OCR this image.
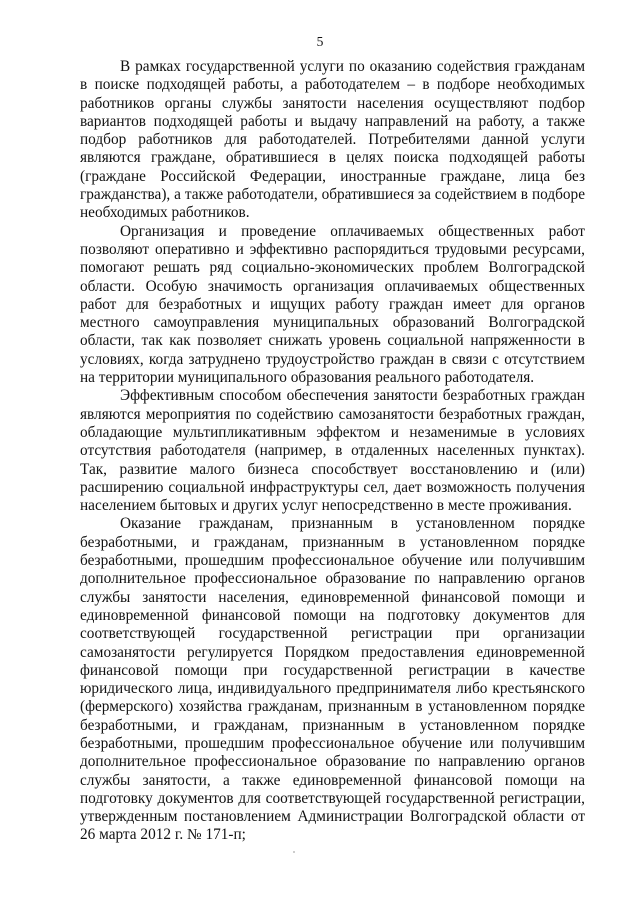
5

В рамках государственной услуги по оказанию содействия гражданам в поиске подходящей работы, а работодателем – в подборе необходимых работников органы службы занятости населения осуществляют подбор вариантов подходящей работы и выдачу направлений на работу, а также подбор работников для работодателей. Потребителями данной услуги являются граждане, обратившиеся в целях поиска подходящей работы (граждане Российской Федерации, иностранные граждане, лица без гражданства), а также работодатели, обратившиеся за содействием в подборе необходимых работников.

Организация и проведение оплачиваемых общественных работ позволяют оперативно и эффективно распорядиться трудовыми ресурсами, помогают решать ряд социально-экономических проблем Волгоградской области. Особую значимость организация оплачиваемых общественных работ для безработных и ищущих работу граждан имеет для органов местного самоуправления муниципальных образований Волгоградской области, так как позволяет снижать уровень социальной напряженности в условиях, когда затруднено трудоустройство граждан в связи с отсутствием на территории муниципального образования реального работодателя.

Эффективным способом обеспечения занятости безработных граждан являются мероприятия по содействию самозанятости безработных граждан, обладающие мультипликативным эффектом и незаменимые в условиях отсутствия работодателя (например, в отдаленных населенных пунктах). Так, развитие малого бизнеса способствует восстановлению и (или) расширению социальной инфраструктуры сел, дает возможность получения населением бытовых и других услуг непосредственно в месте проживания.

Оказание гражданам, признанным в установленном порядке безработными, и гражданам, признанным в установленном порядке безработными, прошедшим профессиональное обучение или получившим дополнительное профессиональное образование по направлению органов службы занятости населения, единовременной финансовой помощи и единовременной финансовой помощи на подготовку документов для соответствующей государственной регистрации при организации самозанятости регулируется Порядком предоставления единовременной финансовой помощи при государственной регистрации в качестве юридического лица, индивидуального предпринимателя либо крестьянского (фермерского) хозяйства гражданам, признанным в установленном порядке безработными, и гражданам, признанным в установленном порядке безработными, прошедшим профессиональное обучение или получившим дополнительное профессиональное образование по направлению органов службы занятости, а также единовременной финансовой помощи на подготовку документов для соответствующей государственной регистрации, утвержденным постановлением Администрации Волгоградской области от 26 марта 2012 г. № 171-п;
